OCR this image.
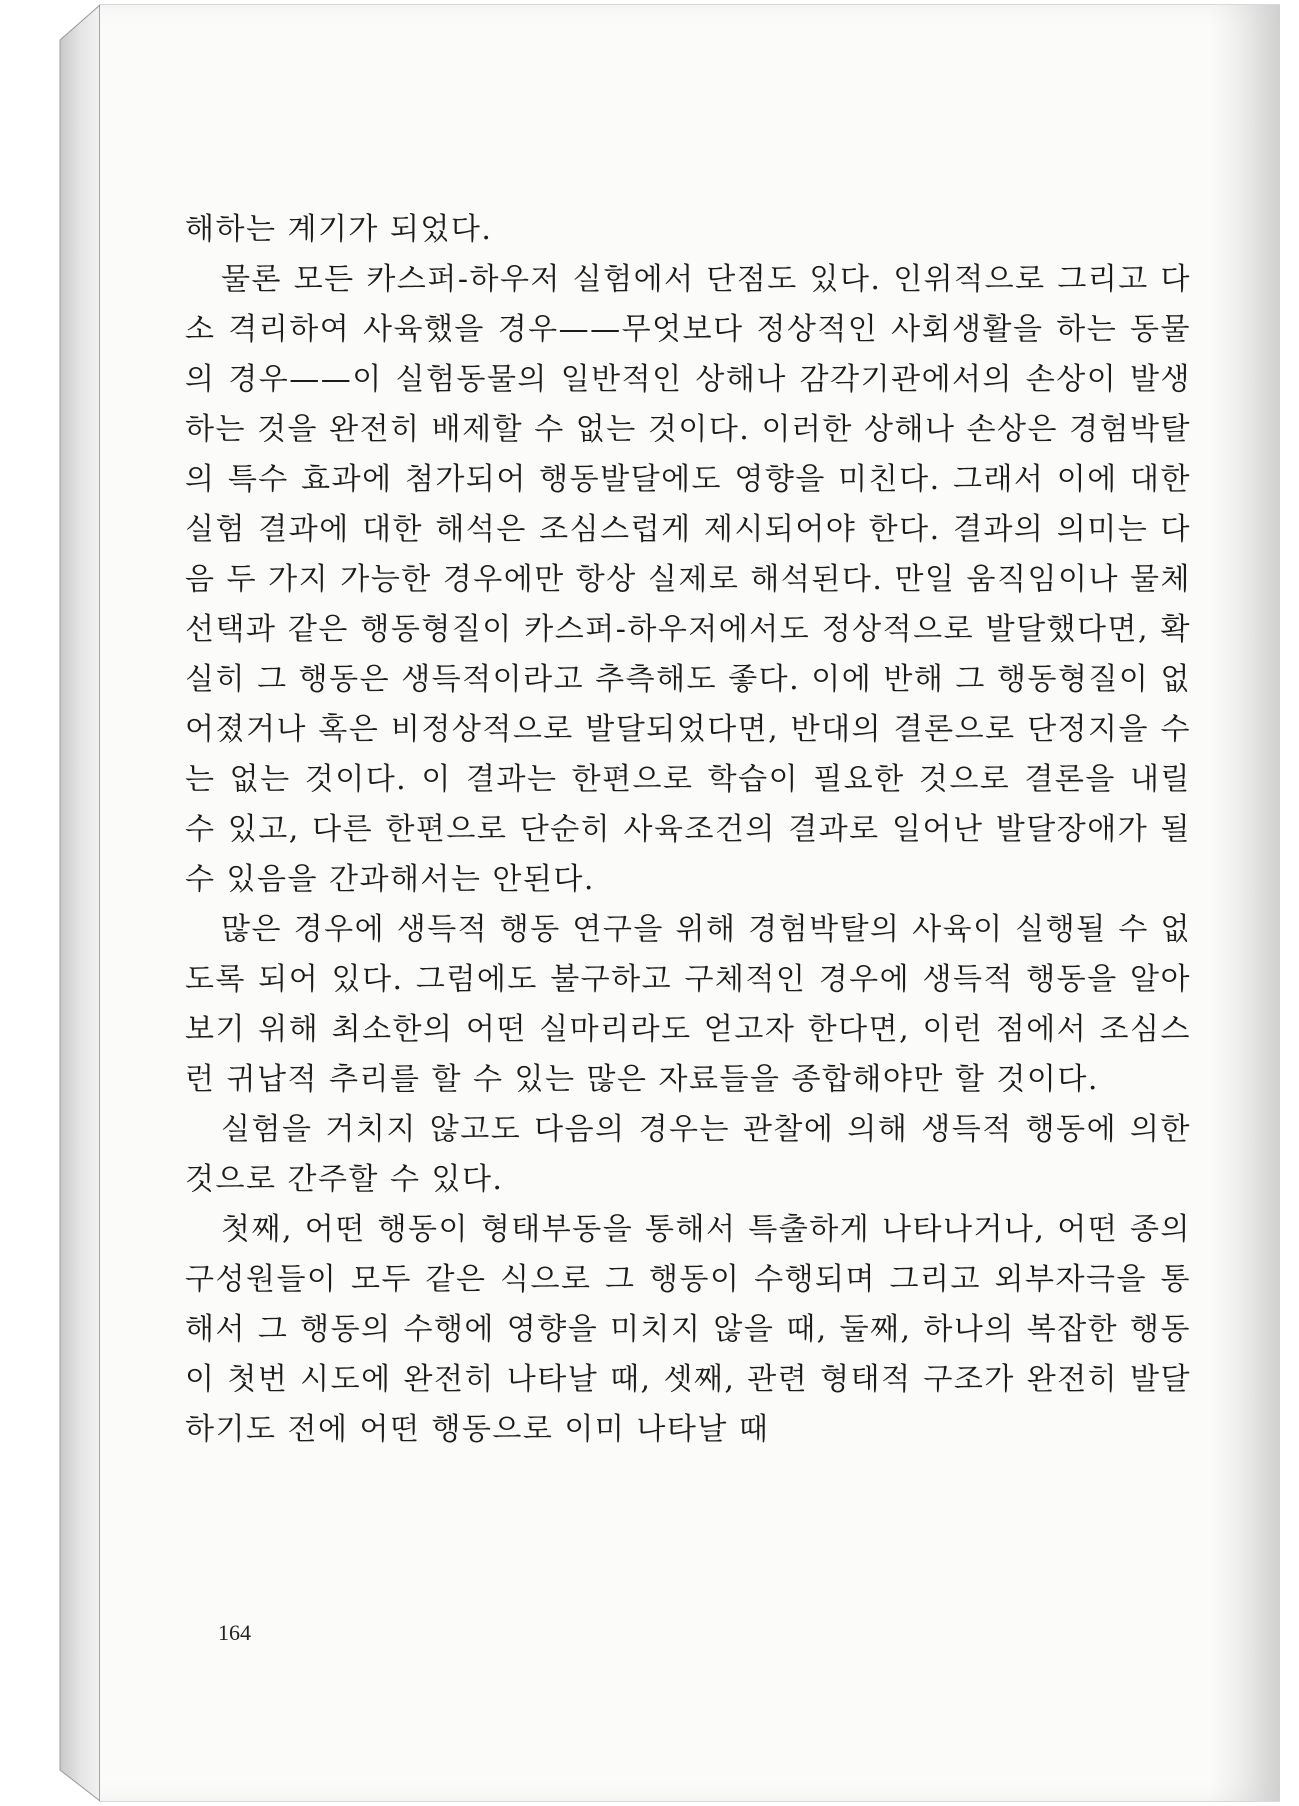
해하는 계기가 되었다.

물론 모든 카스퍼-하우저 실험에서 단점도 있다. 인위적으로 그리고 다소 격리하여 사육했을 경우——무엇보다 정상적인 사회생활을 하는 동물의 경우——이 실험동물의 일반적인 상해나 감각기관에서의 손상이 발생하는 것을 완전히 배제할 수 없는 것이다. 이러한 상해나 손상은 경험박탈의 특수 효과에 첨가되어 행동발달에도 영향을 미친다. 그래서 이에 대한 실험 결과에 대한 해석은 조심스럽게 제시되어야 한다. 결과의 의미는 다음 두 가지 가능한 경우에만 항상 실제로 해석된다. 만일 움직임이나 물체 선택과 같은 행동형질이 카스퍼-하우저에서도 정상적으로 발달했다면, 확실히 그 행동은 생득적이라고 추측해도 좋다. 이에 반해 그 행동형질이 없어졌거나 혹은 비정상적으로 발달되었다면, 반대의 결론으로 단정지을 수는 없는 것이다. 이 결과는 한편으로 학습이 필요한 것으로 결론을 내릴 수 있고, 다른 한편으로 단순히 사육조건의 결과로 일어난 발달장애가 될 수 있음을 간과해서는 안된다.

많은 경우에 생득적 행동 연구을 위해 경험박탈의 사육이 실행될 수 없도록 되어 있다. 그럼에도 불구하고 구체적인 경우에 생득적 행동을 알아 보기 위해 최소한의 어떤 실마리라도 얻고자 한다면, 이런 점에서 조심스런 귀납적 추리를 할 수 있는 많은 자료들을 종합해야만 할 것이다.

실험을 거치지 않고도 다음의 경우는 관찰에 의해 생득적 행동에 의한 것으로 간주할 수 있다.

첫째, 어떤 행동이 형태부동을 통해서 특출하게 나타나거나, 어떤 종의 구성원들이 모두 같은 식으로 그 행동이 수행되며 그리고 외부자극을 통해서 그 행동의 수행에 영향을 미치지 않을 때, 둘째, 하나의 복잡한 행동이 첫번 시도에 완전히 나타날 때, 셋째, 관련 형태적 구조가 완전히 발달하기도 전에 어떤 행동으로 이미 나타날 때

164
